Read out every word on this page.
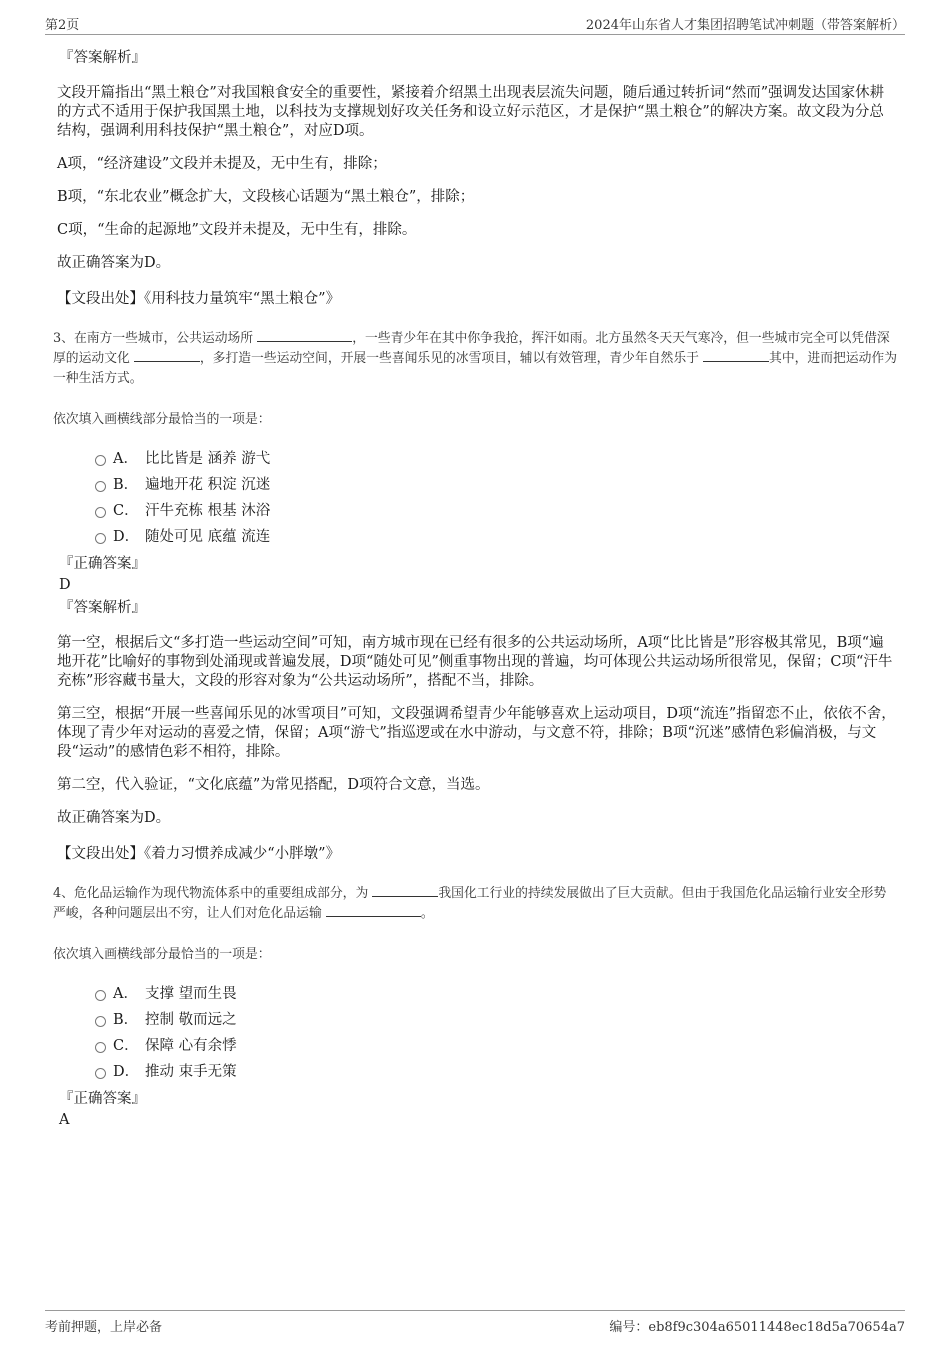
第2页	2024年山东省人才集团招聘笔试冲刺题（带答案解析）
『答案解析』

文段开篇指出“黑土粮仓”对我国粮食安全的重要性，紧接着介绍黑土出现表层流失问题，随后通过转折词“然而”强调发达国家休耕的方式不适用于保护我国黑土地，以科技为支撑规划好攻关任务和设立好示范区，才是保护“黑土粮仓”的解决方案。故文段为分总结构，强调利用科技保护“黑土粮仓”，对应D项。

A项，“经济建设”文段并未提及，无中生有，排除；

B项，“东北农业”概念扩大，文段核心话题为“黑土粮仓”，排除；

C项，“生命的起源地”文段并未提及，无中生有，排除。

故正确答案为D。

【文段出处】《用科技力量筑牢“黑土粮仓”》
3、在南方一些城市，公共运动场所	，一些青少年在其中你争我抢，挥汗如雨。北方虽然冬天天气寒冷，但一些城市完全可以凭借深厚的运动文化	，多打造一些运动空间，开展一些喜闻乐见的冰雪项目，辅以有效管理，青少年自然乐于	其中，进而把运动作为一种生活方式。
依次填入画横线部分最恰当的一项是：
A． 比比皆是 涵养 游弋
B． 遍地开花 积淀 沉迷
C． 汗牛充栋 根基 沐浴
D． 随处可见 底蕴 流连
『正确答案』
D
『答案解析』

第一空，根据后文“多打造一些运动空间”可知，南方城市现在已经有很多的公共运动场所，A项“比比皆是”形容极其常见，B项“遍地开花”比喻好的事物到处涌现或普遍发展，D项“随处可见”侧重事物出现的普遍，均可体现公共运动场所很常见，保留；C项“汗牛充栋”形容藏书量大，文段的形容对象为“公共运动场所”，搭配不当，排除。

第三空，根据“开展一些喜闻乐见的冰雪项目”可知，文段强调希望青少年能够喜欢上运动项目，D项“流连”指留恋不止，依依不舍，体现了青少年对运动的喜爱之情，保留；A项“游弋”指巡逻或在水中游动，与文意不符，排除；B项“沉迷”感情色彩偏消极，与文段“运动”的感情色彩不相符，排除。

第二空，代入验证，“文化底蕴”为常见搭配，D项符合文意，当选。

故正确答案为D。

【文段出处】《着力习惯养成减少“小胖墩”》
4、危化品运输作为现代物流体系中的重要组成部分，为	我国化工行业的持续发展做出了巨大贡献。但由于我国危化品运输行业安全形势严峻，各种问题层出不穷，让人们对危化品运输	。
依次填入画横线部分最恰当的一项是：
A． 支撑 望而生畏
B． 控制 敬而远之
C． 保障 心有余悸
D． 推动 束手无策
『正确答案』
A
考前押题，上岸必备	编号：eb8f9c304a65011448ec18d5a70654a7
